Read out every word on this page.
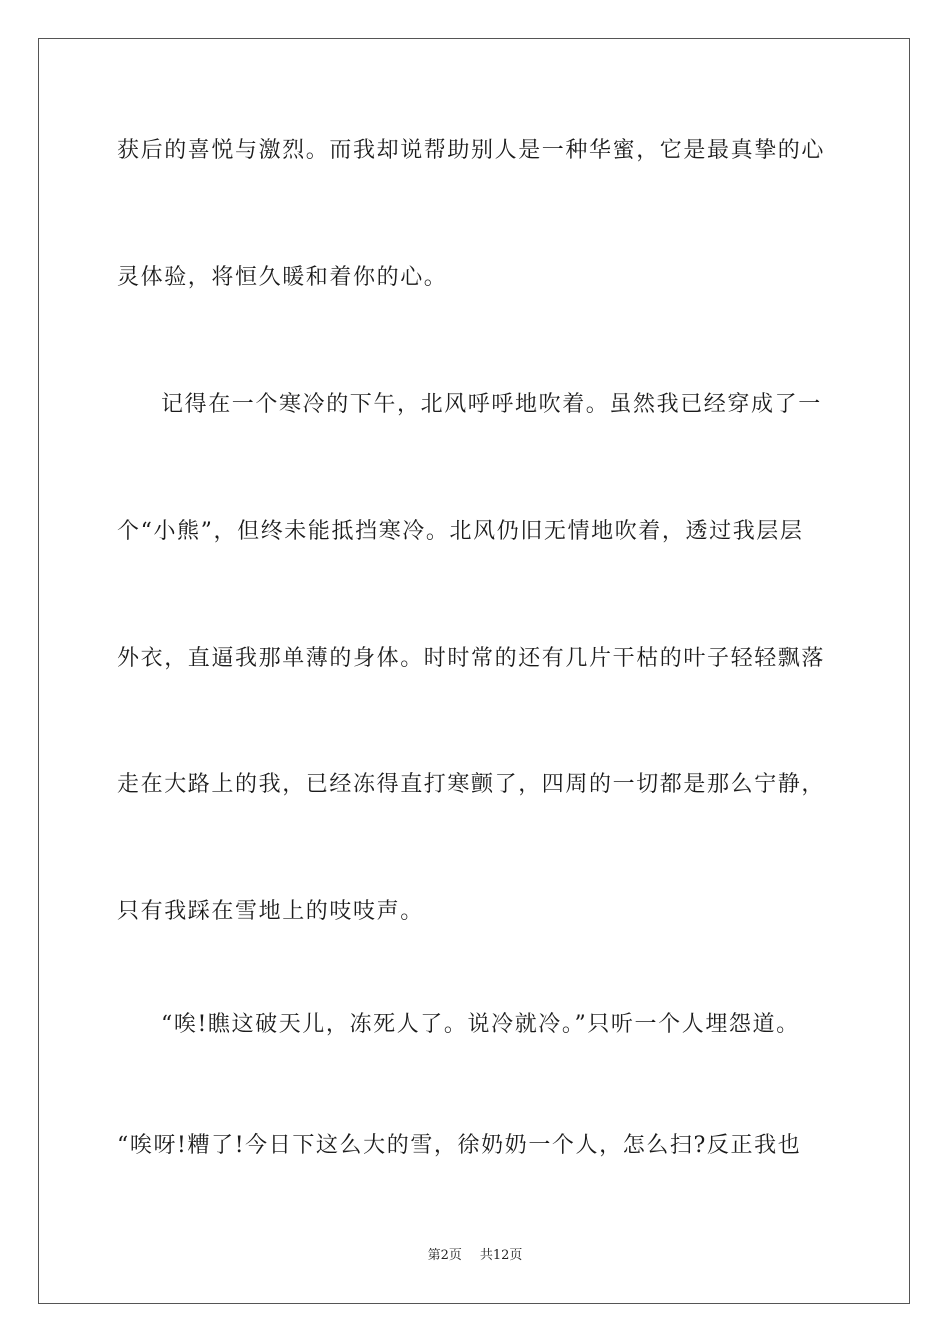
获后的喜悦与激烈。而我却说帮助别人是一种华蜜，它是最真挚的心
灵体验，将恒久暖和着你的心。
记得在一个寒冷的下午，北风呼呼地吹着。虽然我已经穿成了一
个“小熊”，但终未能抵挡寒冷。北风仍旧无情地吹着，透过我层层
外衣，直逼我那单薄的身体。时时常的还有几片干枯的叶子轻轻飘落
走在大路上的我，已经冻得直打寒颤了，四周的一切都是那么宁静，
只有我踩在雪地上的吱吱声。
“唉!瞧这破天儿，冻死人了。说冷就冷。”只听一个人埋怨道。
“唉呀!糟了!今日下这么大的雪，徐奶奶一个人，怎么扫?反正我也
第2页 共12页
